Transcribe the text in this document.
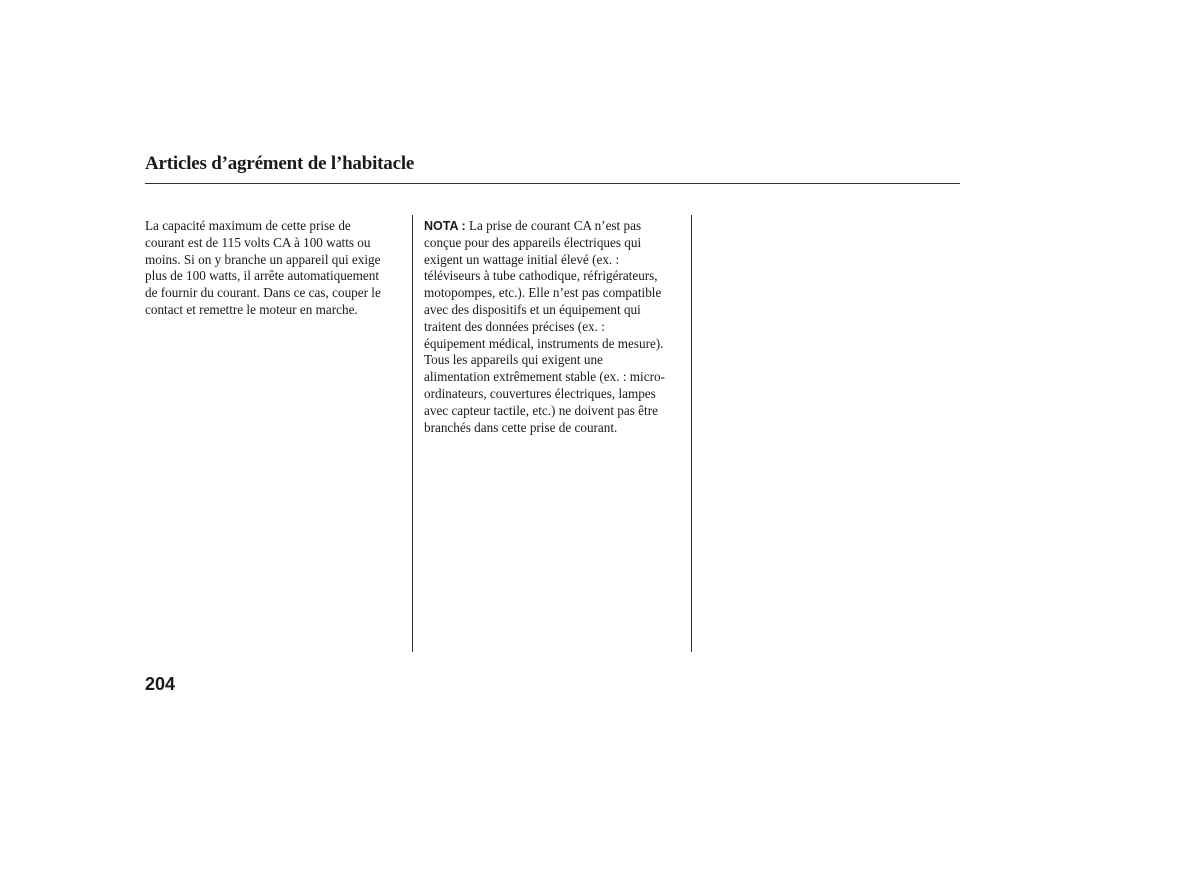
Articles d’agrément de l’habitacle
La capacité maximum de cette prise de
courant est de 115 volts CA à 100 watts ou
moins. Si on y branche un appareil qui exige
plus de 100 watts, il arrête automatiquement
de fournir du courant. Dans ce cas, couper le
contact et remettre le moteur en marche.
NOTA : La prise de courant CA n’est pas
conçue pour des appareils électriques qui
exigent un wattage initial élevé (ex. :
téléviseurs à tube cathodique, réfrigérateurs,
motopompes, etc.). Elle n’est pas compatible
avec des dispositifs et un équipement qui
traitent des données précises (ex. :
équipement médical, instruments de mesure).
Tous les appareils qui exigent une
alimentation extrêmement stable (ex. : micro-
ordinateurs, couvertures électriques, lampes
avec capteur tactile, etc.) ne doivent pas être
branchés dans cette prise de courant.
204
